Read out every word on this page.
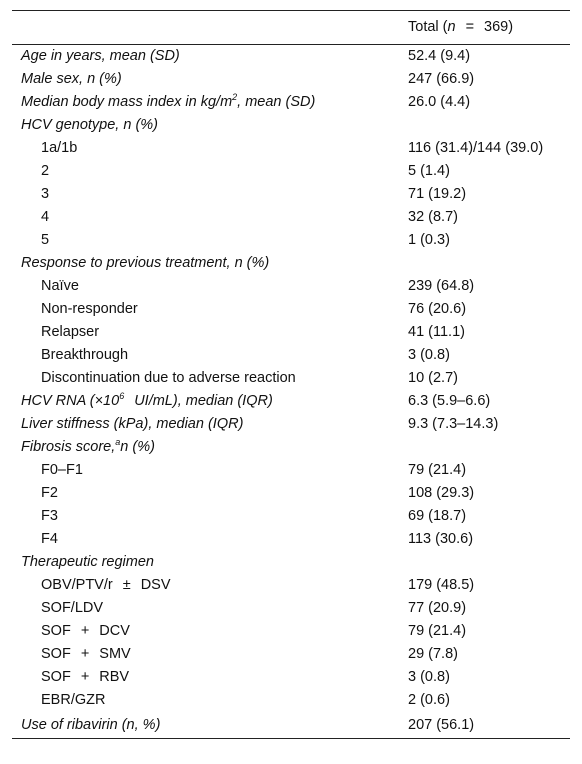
	Total (n = 369)
Age in years, mean (SD)	52.4 (9.4)
Male sex, n (%)	247 (66.9)
Median body mass index in $kg/m^2$, mean (SD)	26.0 (4.4)
HCV genotype, n (%)	
1a/1b	116 (31.4)/144 (39.0)
2	5 (1.4)
3	71 (19.2)
4	32 (8.7)
5	1 (0.3)
Response to previous treatment, n (%)	
Naïve	239 (64.8)
Non-responder	76 (20.6)
Relapser	41 (11.1)
Breakthrough	3 (0.8)
Discontinuation due to adverse reaction	10 (2.7)
HCV RNA ($\times 10^6$ UI/mL), median (IQR)	6.3 (5.9–6.6)
Liver stiffness (kPa), median (IQR)	9.3 (7.3–14.3)
Fibrosis score,$^a$n (%)	
F0–F1	79 (21.4)
F2	108 (29.3)
F3	69 (18.7)
F4	113 (30.6)
Therapeutic regimen	
OBV/PTV/r ± DSV	179 (48.5)
SOF/LDV	77 (20.9)
SOF + DCV	79 (21.4)
SOF + SMV	29 (7.8)
SOF + RBV	3 (0.8)
EBR/GZR	2 (0.6)
Use of ribavirin (n, %)	207 (56.1)
